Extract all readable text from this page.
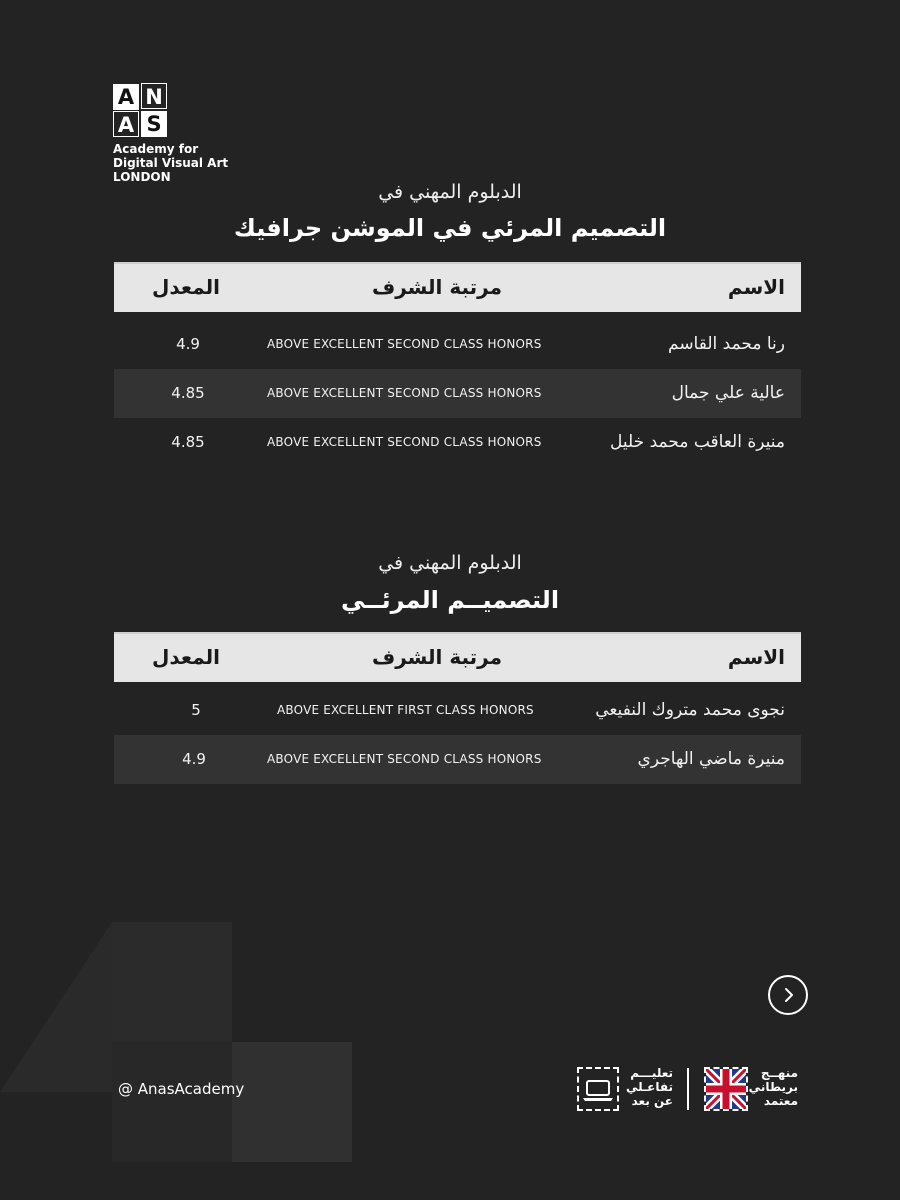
A N
A S
Academy for
Digital Visual Art
LONDON
الدبلوم المهني في
التصميم المرئي في الموشن جرافيك
الاسم
مرتبة الشرف
المعدل
رنا محمد القاسم
ABOVE EXCELLENT SECOND CLASS HONORS
4.9
عالية علي جمال
ABOVE EXCELLENT SECOND CLASS HONORS
4.85
منيرة العاقب محمد خليل
ABOVE EXCELLENT SECOND CLASS HONORS
4.85
الدبلوم المهني في
التصميــم المرئــي
الاسم
مرتبة الشرف
المعدل
نجوى محمد متروك النفيعي
ABOVE EXCELLENT FIRST CLASS HONORS
5
منيرة ماضي الهاجري
ABOVE EXCELLENT SECOND CLASS HONORS
4.9
@ AnasAcademy
تعليـــم
تفاعـلي
عن بعد
منهــج
بريطاني
معتمد
